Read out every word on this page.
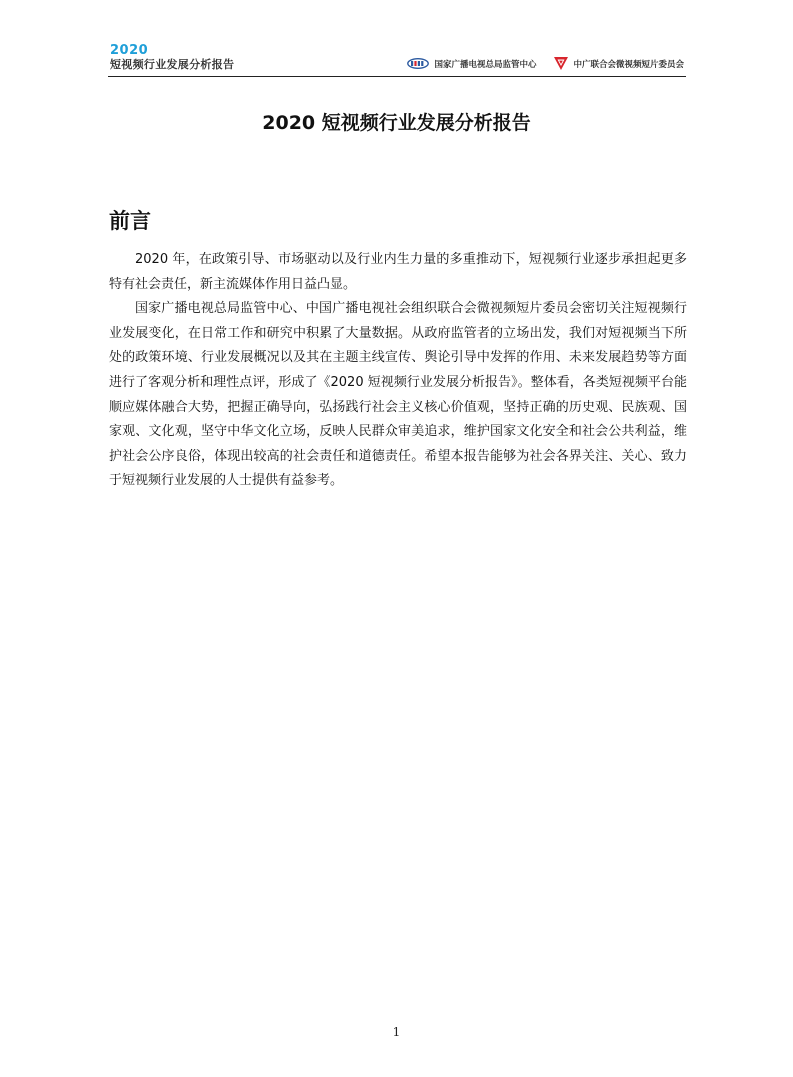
2020
短视频行业发展分析报告	国家广播电视总局监管中心	中广联合会微视频短片委员会
2020 短视频行业发展分析报告
前言

2020 年，在政策引导、市场驱动以及行业内生力量的多重推动下，短视频行业逐步承担起更多特有社会责任，新主流媒体作用日益凸显。

国家广播电视总局监管中心、中国广播电视社会组织联合会微视频短片委员会密切关注短视频行业发展变化，在日常工作和研究中积累了大量数据。从政府监管者的立场出发，我们对短视频当下所处的政策环境、行业发展概况以及其在主题主线宣传、舆论引导中发挥的作用、未来发展趋势等方面进行了客观分析和理性点评，形成了《2020 短视频行业发展分析报告》。整体看，各类短视频平台能顺应媒体融合大势，把握正确导向，弘扬践行社会主义核心价值观，坚持正确的历史观、民族观、国家观、文化观，坚守中华文化立场，反映人民群众审美追求，维护国家文化安全和社会公共利益，维护社会公序良俗，体现出较高的社会责任和道德责任。希望本报告能够为社会各界关注、关心、致力于短视频行业发展的人士提供有益参考。

1
